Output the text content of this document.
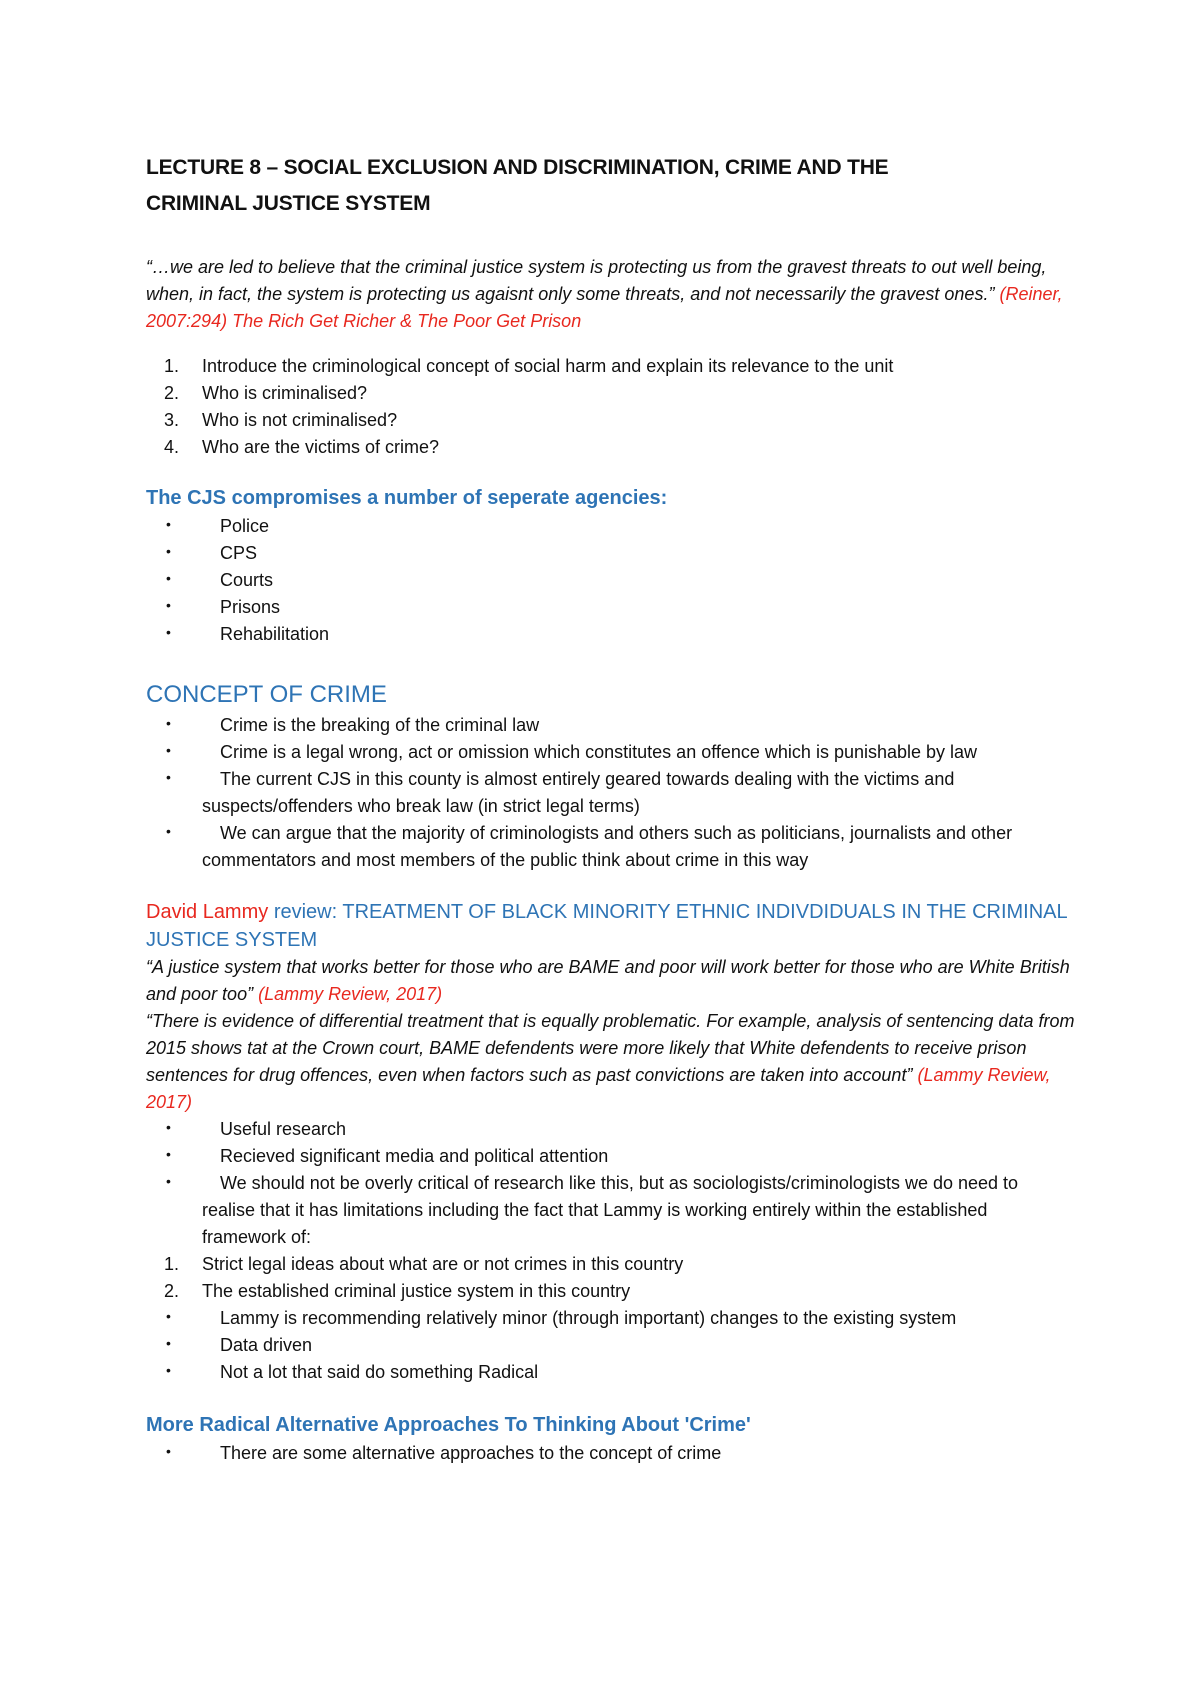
LECTURE 8 – SOCIAL EXCLUSION AND DISCRIMINATION, CRIME AND THE
CRIMINAL JUSTICE SYSTEM

“…we are led to believe that the criminal justice system is protecting us from the gravest threats to out well being, when, in fact, the system is protecting us agaisnt only some threats, and not necessarily the gravest ones.” (Reiner, 2007:294) The Rich Get Richer & The Poor Get Prison

1.	Introduce the criminological concept of social harm and explain its relevance to the unit
2.	Who is criminalised?
3.	Who is not criminalised?
4.	Who are the victims of crime?
The CJS compromises a number of seperate agencies:
•	Police
•	CPS
•	Courts
•	Prisons
•	Rehabilitation
CONCEPT OF CRIME
•	Crime is the breaking of the criminal law
•	Crime is a legal wrong, act or omission which constitutes an offence which is punishable by law
•	The current CJS in this county is almost entirely geared towards dealing with the victims and suspects/offenders who break law (in strict legal terms)
•	We can argue that the majority of criminologists and others such as politicians, journalists and other commentators and most members of the public think about crime in this way
David Lammy review: TREATMENT OF BLACK MINORITY ETHNIC INDIVDIDUALS IN THE CRIMINAL JUSTICE SYSTEM

“A justice system that works better for those who are BAME and poor will work better for those who are White British and poor too” (Lammy Review, 2017)

“There is evidence of differential treatment that is equally problematic. For example, analysis of sentencing data from 2015 shows tat at the Crown court, BAME defendents were more likely that White defendents to receive prison sentences for drug offences, even when factors such as past convictions are taken into account” (Lammy Review, 2017)

•	Useful research
•	Recieved significant media and political attention
•	We should not be overly critical of research like this, but as sociologists/criminologists we do need to realise that it has limitations including the fact that Lammy is working entirely within the established framework of:
1.	Strict legal ideas about what are or not crimes in this country
2.	The established criminal justice system in this country
•	Lammy is recommending relatively minor (through important) changes to the existing system
•	Data driven
•	Not a lot that said do something Radical
More Radical Alternative Approaches To Thinking About 'Crime'
•	There are some alternative approaches to the concept of crime
